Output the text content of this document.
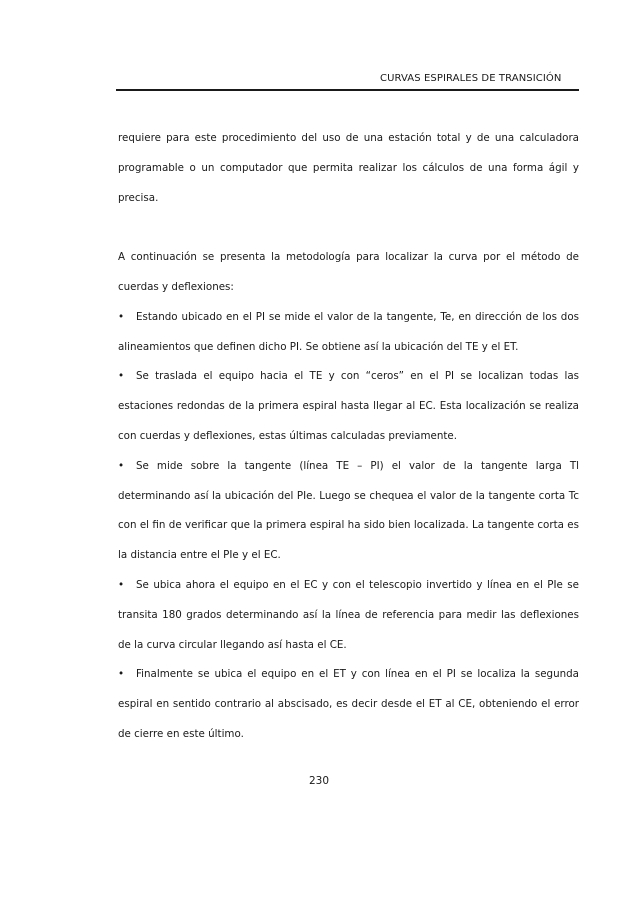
CURVAS ESPIRALES DE TRANSICIÓN

requiere para este procedimiento del uso de una estación total y de una calculadora programable o un computador que permita realizar los cálculos de una forma ágil y precisa.

A continuación se presenta la metodología para localizar la curva por el método de cuerdas y deflexiones:

• Estando ubicado en el PI se mide el valor de la tangente, Te, en dirección de los dos alineamientos que definen dicho PI. Se obtiene así la ubicación del TE y el ET.

• Se traslada el equipo hacia el TE y con “ceros” en el PI se localizan todas las estaciones redondas de la primera espiral hasta llegar al EC. Esta localización se realiza con cuerdas y deflexiones, estas últimas calculadas previamente.

• Se mide sobre la tangente (línea TE – PI) el valor de la tangente larga Tl determinando así la ubicación del PIe. Luego se chequea el valor de la tangente corta Tc con el fin de verificar que la primera espiral ha sido bien localizada. La tangente corta es la distancia entre el PIe y el EC.

• Se ubica ahora el equipo en el EC y con el telescopio invertido y línea en el PIe se transita 180 grados determinando así la línea de referencia para medir las deflexiones de la curva circular llegando así hasta el CE.

• Finalmente se ubica el equipo en el ET y con línea en el PI se localiza la segunda espiral en sentido contrario al abscisado, es decir desde el ET al CE, obteniendo el error de cierre en este último.

230
